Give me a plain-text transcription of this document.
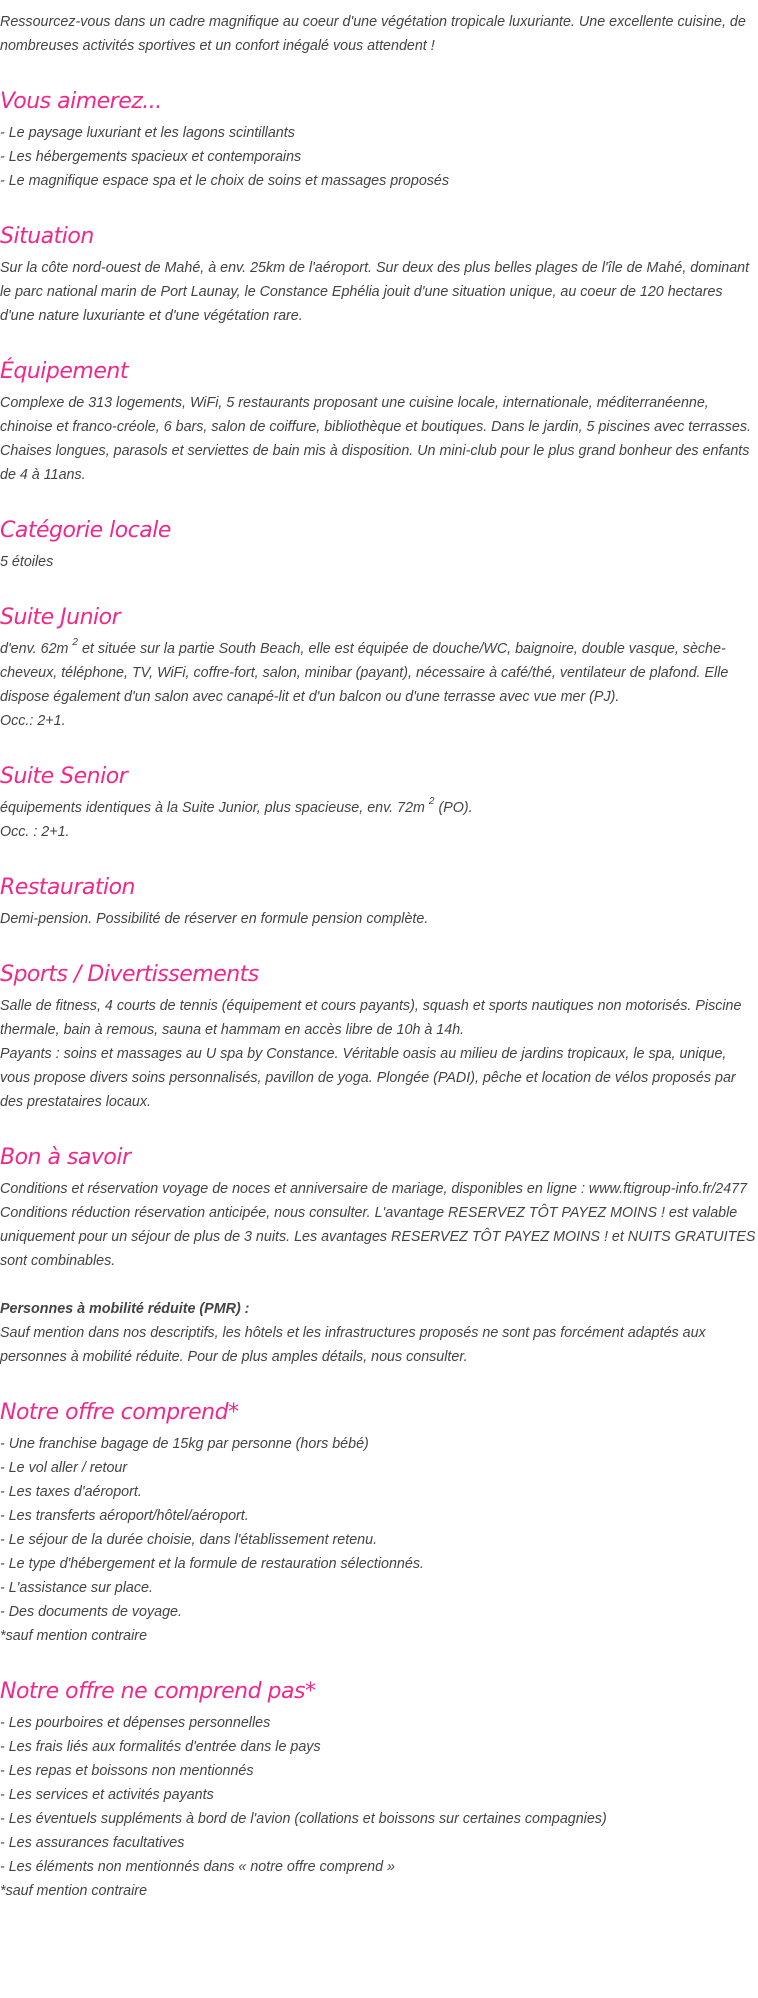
Ressourcez-vous dans un cadre magnifique au coeur d'une végétation tropicale luxuriante. Une excellente cuisine, de nombreuses activités sportives et un confort inégalé vous attendent !

Vous aimerez...
- Le paysage luxuriant et les lagons scintillants
- Les hébergements spacieux et contemporains
- Le magnifique espace spa et le choix de soins et massages proposés
Situation

Sur la côte nord-ouest de Mahé, à env. 25km de l'aéroport. Sur deux des plus belles plages de l'île de Mahé, dominant le parc national marin de Port Launay, le Constance Ephélia jouit d'une situation unique, au coeur de 120 hectares d'une nature luxuriante et d'une végétation rare.

Équipement

Complexe de 313 logements, WiFi, 5 restaurants proposant une cuisine locale, internationale, méditerranéenne, chinoise et franco-créole, 6 bars, salon de coiffure, bibliothèque et boutiques. Dans le jardin, 5 piscines avec terrasses. Chaises longues, parasols et serviettes de bain mis à disposition. Un mini-club pour le plus grand bonheur des enfants de 4 à 11ans.

Catégorie locale

5 étoiles

Suite Junior

d'env. 62m $^2$ et située sur la partie South Beach, elle est équipée de douche/WC, baignoire, double vasque, sèche-cheveux, téléphone, TV, WiFi, coffre-fort, salon, minibar (payant), nécessaire à café/thé, ventilateur de plafond. Elle dispose également d'un salon avec canapé-lit et d'un balcon ou d'une terrasse avec vue mer (PJ).

Occ.: 2+1.

Suite Senior

équipements identiques à la Suite Junior, plus spacieuse, env. 72m $^2$ (PO).

Occ. : 2+1.

Restauration

Demi-pension. Possibilité de réserver en formule pension complète.

Sports / Divertissements

Salle de fitness, 4 courts de tennis (équipement et cours payants), squash et sports nautiques non motorisés. Piscine thermale, bain à remous, sauna et hammam en accès libre de 10h à 14h.

Payants : soins et massages au U spa by Constance. Véritable oasis au milieu de jardins tropicaux, le spa, unique, vous propose divers soins personnalisés, pavillon de yoga. Plongée (PADI), pêche et location de vélos proposés par des prestataires locaux.

Bon à savoir

Conditions et réservation voyage de noces et anniversaire de mariage, disponibles en ligne : www.ftigroup-info.fr/2477

Conditions réduction réservation anticipée, nous consulter. L'avantage RESERVEZ TÔT PAYEZ MOINS ! est valable uniquement pour un séjour de plus de 3 nuits. Les avantages RESERVEZ TÔT PAYEZ MOINS ! et NUITS GRATUITES sont combinables.

Personnes à mobilité réduite (PMR) :

Sauf mention dans nos descriptifs, les hôtels et les infrastructures proposés ne sont pas forcément adaptés aux personnes à mobilité réduite. Pour de plus amples détails, nous consulter.

Notre offre comprend*
- Une franchise bagage de 15kg par personne (hors bébé)
- Le vol aller / retour
- Les taxes d'aéroport.
- Les transferts aéroport/hôtel/aéroport.
- Le séjour de la durée choisie, dans l'établissement retenu.
- Le type d'hébergement et la formule de restauration sélectionnés.
- L'assistance sur place.
- Des documents de voyage.

*sauf mention contraire

Notre offre ne comprend pas*
- Les pourboires et dépenses personnelles
- Les frais liés aux formalités d'entrée dans le pays
- Les repas et boissons non mentionnés
- Les services et activités payants
- Les éventuels suppléments à bord de l'avion (collations et boissons sur certaines compagnies)
- Les assurances facultatives
- Les éléments non mentionnés dans « notre offre comprend »

*sauf mention contraire
